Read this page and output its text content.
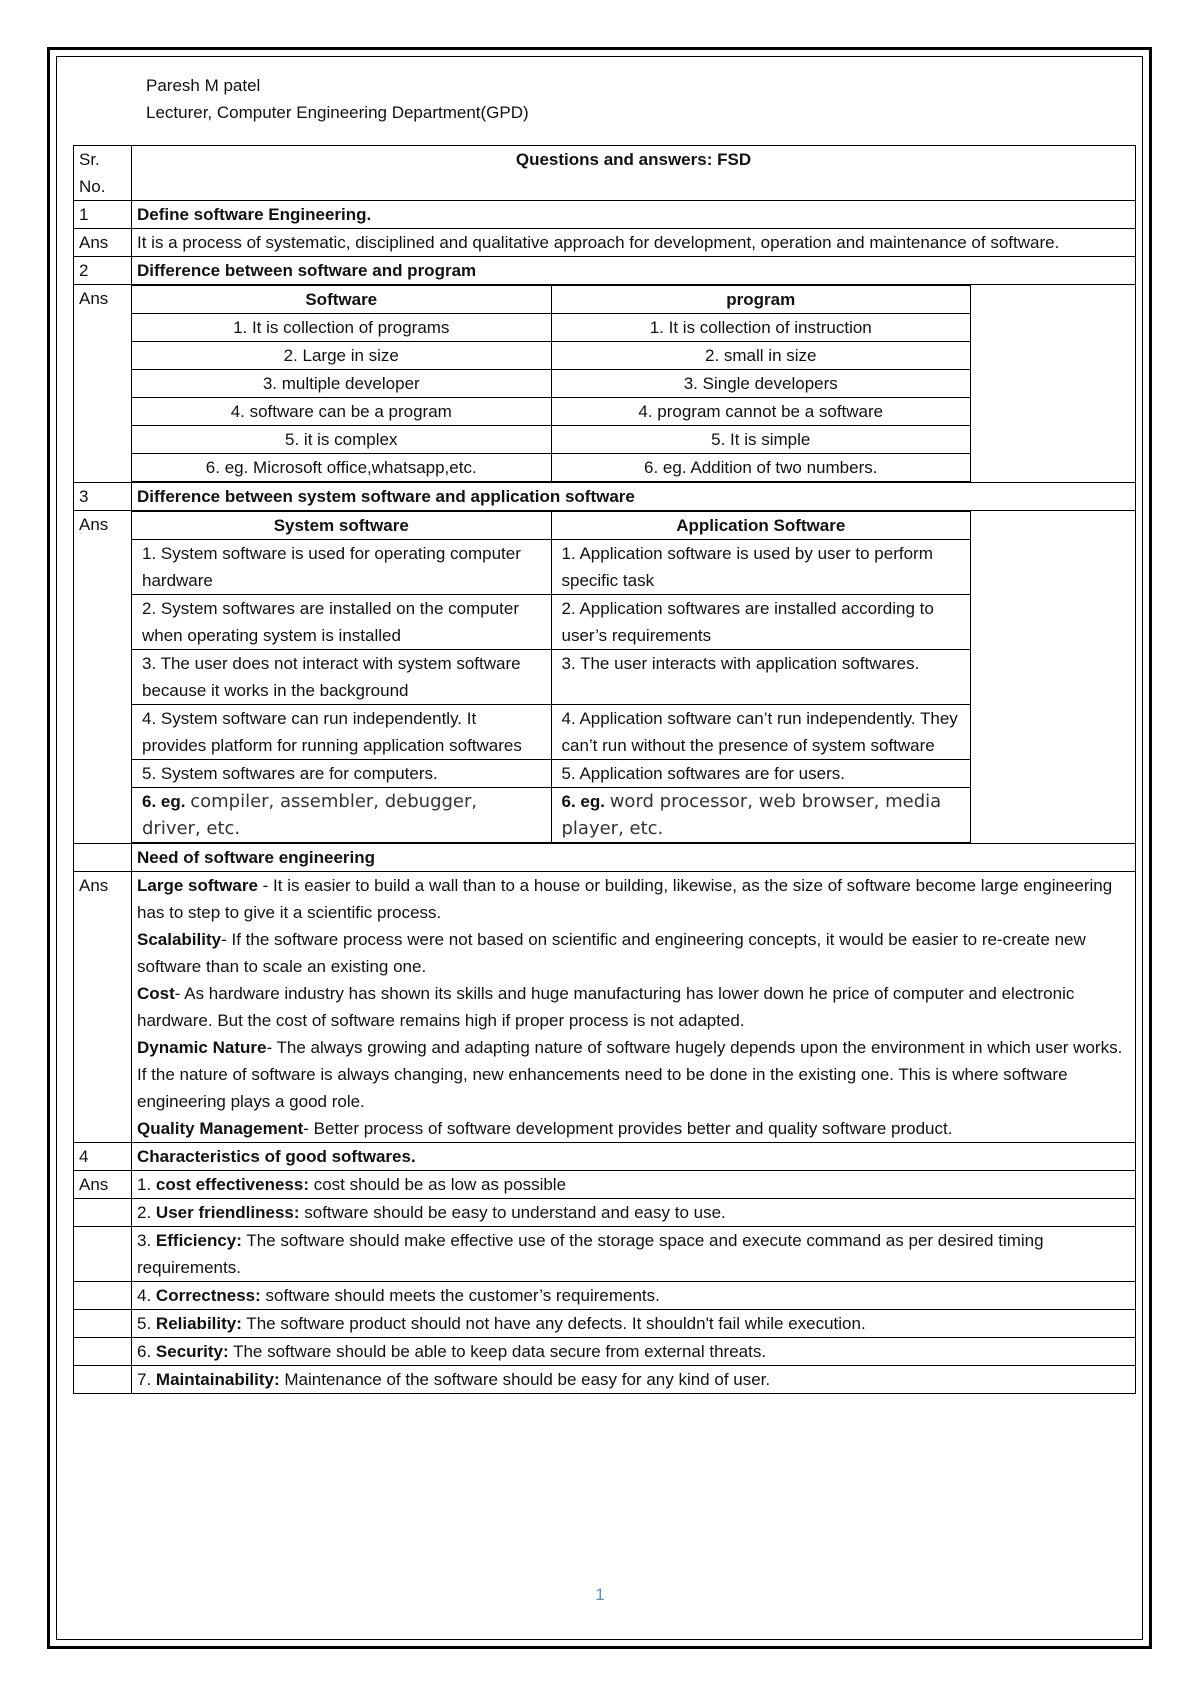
Paresh M patel
Lecturer, Computer Engineering Department(GPD)
Sr. No.	Questions and answers: FSD
1	Define software Engineering.
Ans	It is a process of systematic, disciplined and qualitative approach for development, operation and maintenance of software.
2	Difference between software and program
Ans		Software	program
1. It is collection of programs	1. It is collection of instruction
2. Large in size	2. small in size
3. multiple developer	3. Single developers
4. software can be a program	4. program cannot be a software
5. it is complex	5. It is simple
6. eg. Microsoft office,whatsapp,etc.	6. eg. Addition of two numbers.

3	Difference between system software and application software
Ans		System software	Application Software
1. System software is used for operating computer hardware	1. Application software is used by user to perform specific task
2. System softwares are installed on the computer when operating system is installed	2. Application softwares are installed according to user’s requirements
3. The user does not interact with system software because it works in the background	3. The user interacts with application softwares.
4. System software can run independently. It provides platform for running application softwares	4. Application software can’t run independently. They can’t run without the presence of system software
5. System softwares are for computers.	5. Application softwares are for users.
6. eg. compiler, assembler, debugger, driver, etc.	6. eg. word processor, web browser, media player, etc.

	Need of software engineering
Ans	Large software - It is easier to build a wall than to a house or building, likewise, as the size of software become large engineering has to step to give it a scientific process.
Scalability- If the software process were not based on scientific and engineering concepts, it would be easier to re-create new software than to scale an existing one.
Cost- As hardware industry has shown its skills and huge manufacturing has lower down he price of computer and electronic hardware. But the cost of software remains high if proper process is not adapted.
Dynamic Nature- The always growing and adapting nature of software hugely depends upon the environment in which user works. If the nature of software is always changing, new enhancements need to be done in the existing one. This is where software engineering plays a good role.
Quality Management- Better process of software development provides better and quality software product.

4	Characteristics of good softwares.
Ans	1. cost effectiveness: cost should be as low as possible
	2. User friendliness: software should be easy to understand and easy to use.
	3. Efficiency: The software should make effective use of the storage space and execute command as per desired timing requirements.
	4. Correctness: software should meets the customer’s requirements.
	5. Reliability: The software product should not have any defects. It shouldn't fail while execution.
	6. Security: The software should be able to keep data secure from external threats.
	7. Maintainability: Maintenance of the software should be easy for any kind of user.
1
